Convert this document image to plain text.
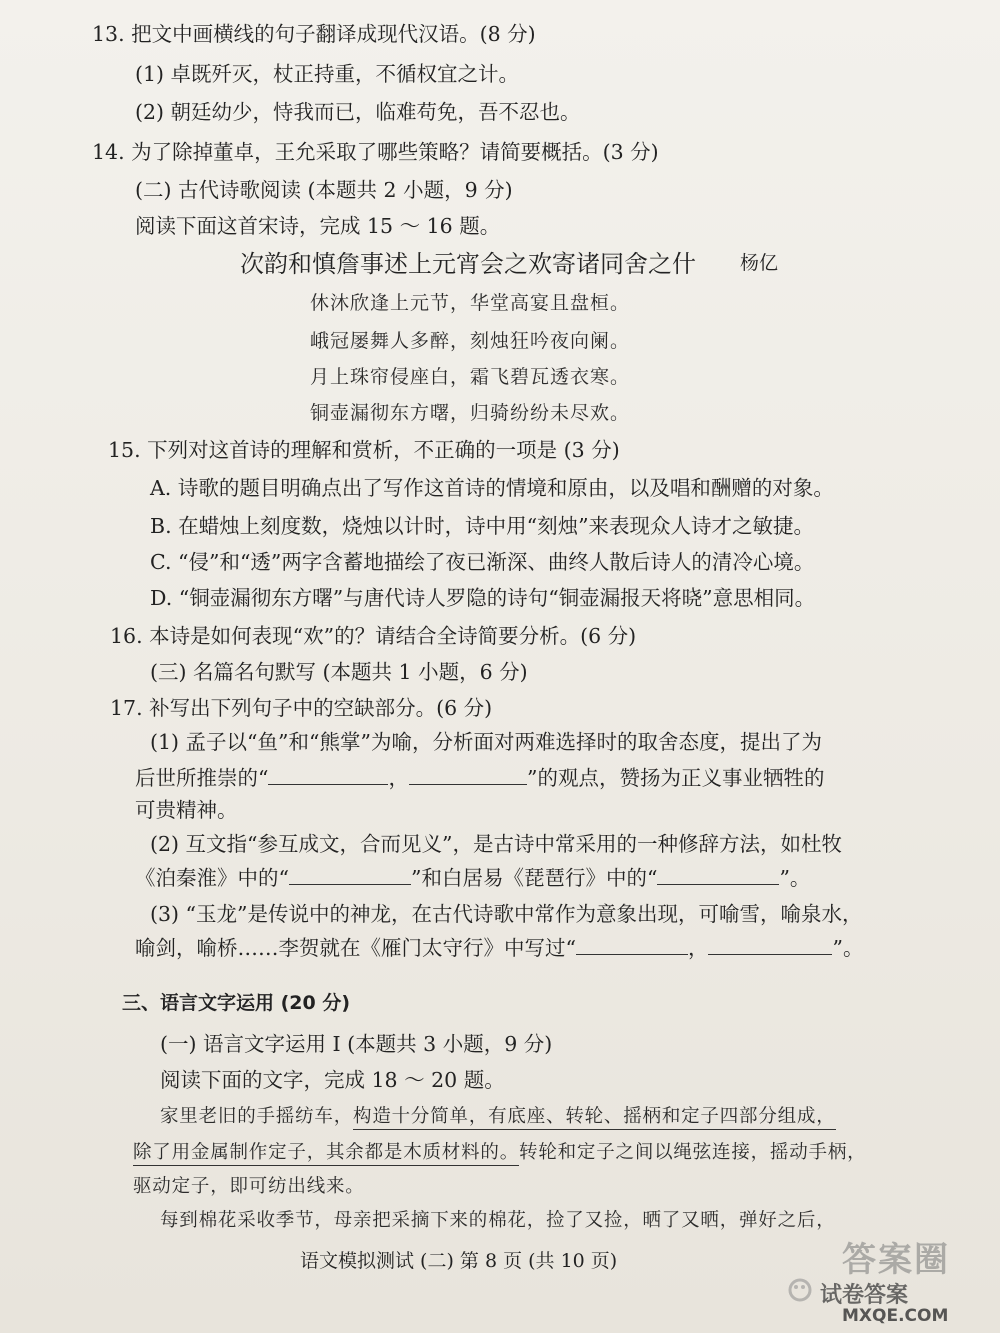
13. 把文中画横线的句子翻译成现代汉语。(8 分)
(1) 卓既歼灭，杖正持重，不循权宜之计。
(2) 朝廷幼少，恃我而已，临难苟免，吾不忍也。
14. 为了除掉董卓，王允采取了哪些策略？请简要概括。(3 分)
(二) 古代诗歌阅读 (本题共 2 小题，9 分)
阅读下面这首宋诗，完成 15 ～ 16 题。
次韵和慎詹事述上元宵会之欢寄诸同舍之什 杨亿
休沐欣逢上元节，华堂高宴且盘桓。
峨冠屡舞人多醉，刻烛狂吟夜向阑。
月上珠帘侵座白，霜飞碧瓦透衣寒。
铜壶漏彻东方曙，归骑纷纷未尽欢。
15. 下列对这首诗的理解和赏析，不正确的一项是 (3 分)
A. 诗歌的题目明确点出了写作这首诗的情境和原由，以及唱和酬赠的对象。
B. 在蜡烛上刻度数，烧烛以计时，诗中用“刻烛”来表现众人诗才之敏捷。
C. “侵”和“透”两字含蓄地描绘了夜已渐深、曲终人散后诗人的清冷心境。
D. “铜壶漏彻东方曙”与唐代诗人罗隐的诗句“铜壶漏报天将晓”意思相同。
16. 本诗是如何表现“欢”的？请结合全诗简要分析。(6 分)
(三) 名篇名句默写 (本题共 1 小题，6 分)
17. 补写出下列句子中的空缺部分。(6 分)
(1) 孟子以“鱼”和“熊掌”为喻，分析面对两难选择时的取舍态度，提出了为
后世所推崇的“	，	”的观点，赞扬为正义事业牺牲的
可贵精神。
(2) 互文指“参互成文，合而见义”，是古诗中常采用的一种修辞方法，如杜牧
《泊秦淮》中的“	”和白居易《琵琶行》中的“	”。
(3) “玉龙”是传说中的神龙，在古代诗歌中常作为意象出现，可喻雪，喻泉水，
喻剑，喻桥……李贺就在《雁门太守行》中写过“	，	”。
三、语言文字运用 (20 分)
(一) 语言文字运用 Ⅰ (本题共 3 小题，9 分)
阅读下面的文字，完成 18 ～ 20 题。
家里老旧的手摇纺车，构造十分简单，有底座、转轮、摇柄和定子四部分组成，
除了用金属制作定子，其余都是木质材料的。转轮和定子之间以绳弦连接，摇动手柄，
驱动定子，即可纺出线来。
每到棉花采收季节，母亲把采摘下来的棉花，捡了又捡，晒了又晒，弹好之后，
语文模拟测试 (二) 第 8 页 (共 10 页)	答案圈
试卷答案
MXQE.COM
